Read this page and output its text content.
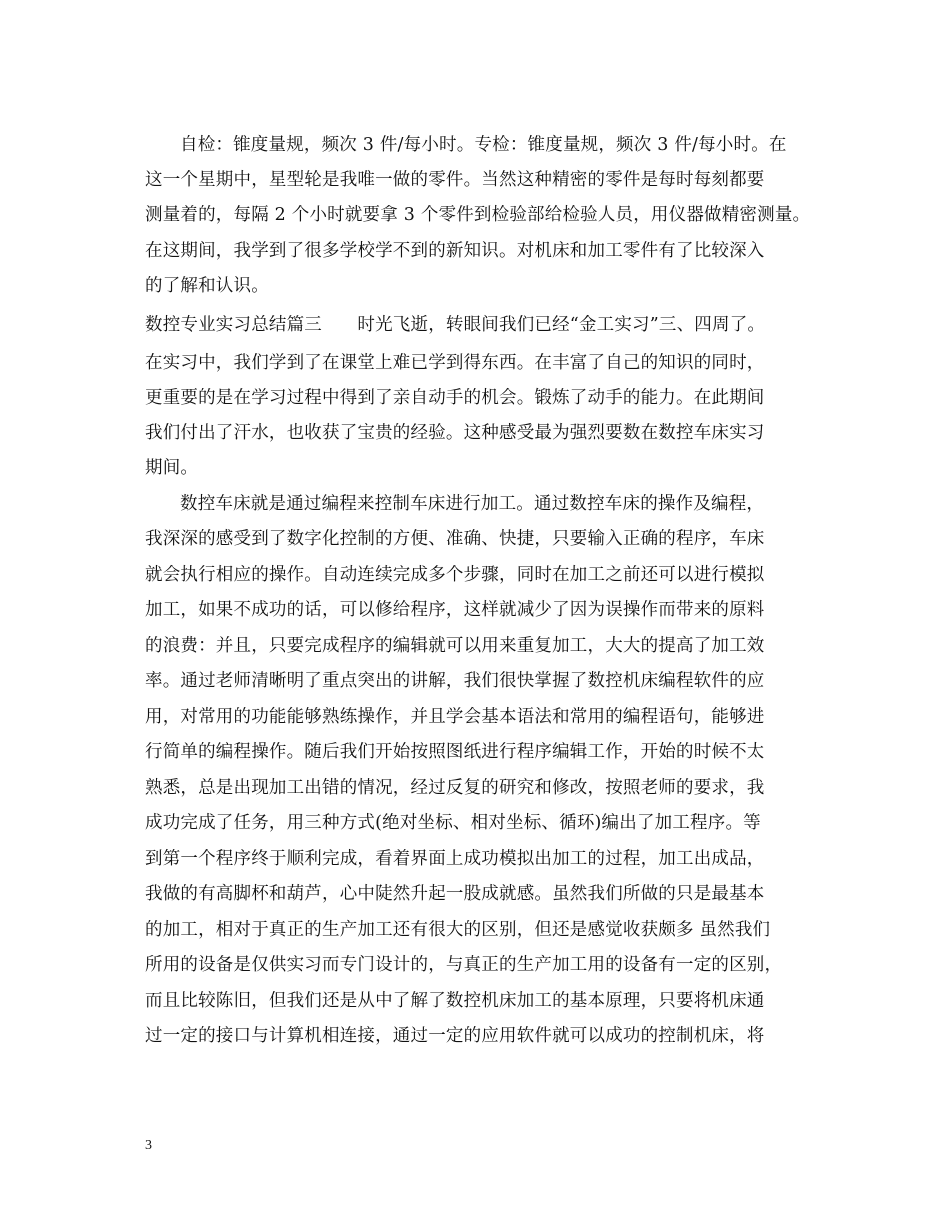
自检：锥度量规，频次 3 件/每小时。专检：锥度量规，频次 3 件/每小时。在
这一个星期中，星型轮是我唯一做的零件。当然这种精密的零件是每时每刻都要
测量着的，每隔 2 个小时就要拿 3 个零件到检验部给检验人员，用仪器做精密测量。
在这期间，我学到了很多学校学不到的新知识。对机床和加工零件有了比较深入
的了解和认识。
数控专业实习总结篇三　　时光飞逝，转眼间我们已经“金工实习”三、四周了。
在实习中，我们学到了在课堂上难已学到得东西。在丰富了自己的知识的同时，
更重要的是在学习过程中得到了亲自动手的机会。锻炼了动手的能力。在此期间
我们付出了汗水，也收获了宝贵的经验。这种感受最为强烈要数在数控车床实习
期间。
数控车床就是通过编程来控制车床进行加工。通过数控车床的操作及编程，
我深深的感受到了数字化控制的方便、准确、快捷，只要输入正确的程序，车床
就会执行相应的操作。自动连续完成多个步骤，同时在加工之前还可以进行模拟
加工，如果不成功的话，可以修给程序，这样就减少了因为误操作而带来的原料
的浪费：并且，只要完成程序的编辑就可以用来重复加工，大大的提高了加工效
率。通过老师清晰明了重点突出的讲解，我们很快掌握了数控机床编程软件的应
用，对常用的功能能够熟练操作，并且学会基本语法和常用的编程语句，能够进
行简单的编程操作。随后我们开始按照图纸进行程序编辑工作，开始的时候不太
熟悉，总是出现加工出错的情况，经过反复的研究和修改，按照老师的要求，我
成功完成了任务，用三种方式(绝对坐标、相对坐标、循环)编出了加工程序。等
到第一个程序终于顺利完成，看着界面上成功模拟出加工的过程，加工出成品，
我做的有高脚杯和葫芦，心中陡然升起一股成就感。虽然我们所做的只是最基本
的加工，相对于真正的生产加工还有很大的区别，但还是感觉收获颇多 虽然我们
所用的设备是仅供实习而专门设计的，与真正的生产加工用的设备有一定的区别，
而且比较陈旧，但我们还是从中了解了数控机床加工的基本原理，只要将机床通
过一定的接口与计算机相连接，通过一定的应用软件就可以成功的控制机床，将
3
